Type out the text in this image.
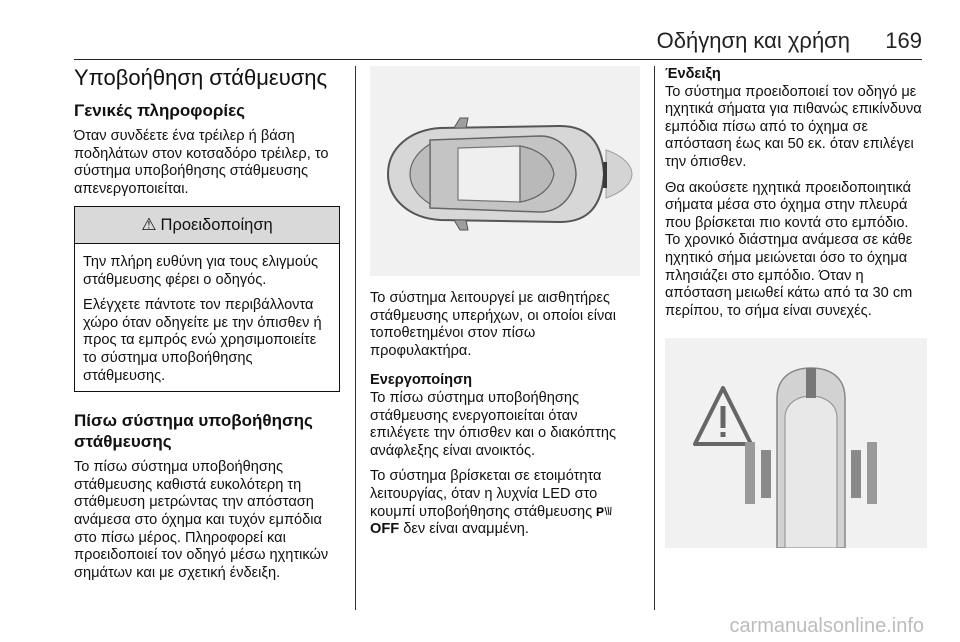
Οδήγηση και χρήση 169
Υποβοήθηση στάθμευσης
Γενικές πληροφορίες

Όταν συνδέετε ένα τρέιλερ ή βάση ποδηλάτων στον κοτσαδόρο τρέιλερ, το σύστημα υποβοήθησης στάθμευσης απενεργοποιείται.

⚠ Προειδοποίηση

Την πλήρη ευθύνη για τους ελιγμούς στάθμευσης φέρει ο οδηγός.

Ελέγχετε πάντοτε τον περιβάλλοντα χώρο όταν οδηγείτε με την όπισθεν ή προς τα εμπρός ενώ χρησιμοποιείτε το σύστημα υποβοήθησης στάθμευσης.

Πίσω σύστημα υποβοήθησης στάθμευσης

Το πίσω σύστημα υποβοήθησης στάθμευσης καθιστά ευκολότερη τη στάθμευση μετρώντας την απόσταση ανάμεσα στο όχημα και τυχόν εμπόδια στο πίσω μέρος. Πληροφορεί και προειδοποιεί τον οδηγό μέσω ηχητικών σημάτων και με σχετική ένδειξη.

Το σύστημα λειτουργεί με αισθητήρες στάθμευσης υπερήχων, οι οποίοι είναι τοποθετημένοι στον πίσω προφυλακτήρα.

Ενεργοποίηση

Το πίσω σύστημα υποβοήθησης στάθμευσης ενεργοποιείται όταν επιλέγετε την όπισθεν και ο διακόπτης ανάφλεξης είναι ανοικτός.

Το σύστημα βρίσκεται σε ετοιμότητα λειτουργίας, όταν η λυχνία LED στο κουμπί υποβοήθησης στάθμευσης P
OFF δεν είναι αναμμένη.

Ένδειξη

Το σύστημα προειδοποιεί τον οδηγό με ηχητικά σήματα για πιθανώς επικίνδυνα εμπόδια πίσω από το όχημα σε απόσταση έως και 50 εκ. όταν επιλέγει την όπισθεν.

Θα ακούσετε ηχητικά προειδοποιητικά σήματα μέσα στο όχημα στην πλευρά που βρίσκεται πιο κοντά στο εμπόδιο. Το χρονικό διάστημα ανάμεσα σε κάθε ηχητικό σήμα μειώνεται όσο το όχημα πλησιάζει στο εμπόδιο. Όταν η απόσταση μειωθεί κάτω από τα 30 cm περίπου, το σήμα είναι συνεχές.

carmanualsonline.info
